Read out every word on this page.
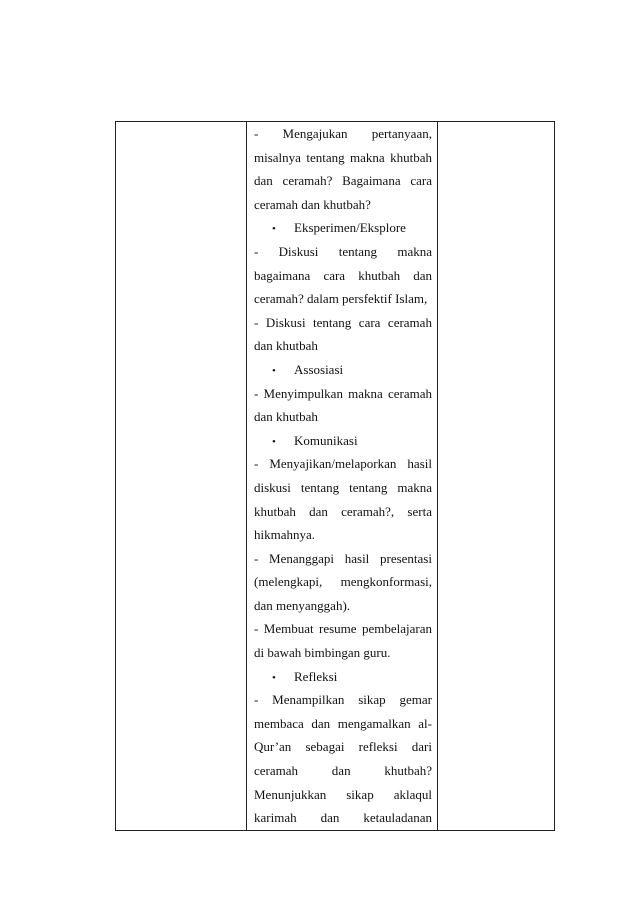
- Mengajukan pertanyaan,
misalnya tentang makna khutbah
dan ceramah? Bagaimana cara
ceramah dan khutbah?
• Eksperimen/Eksplore
- Diskusi tentang makna
bagaimana cara khutbah dan
ceramah? dalam persfektif Islam,
- Diskusi tentang cara ceramah
dan khutbah
• Assosiasi
- Menyimpulkan makna ceramah
dan khutbah
• Komunikasi
- Menyajikan/melaporkan hasil
diskusi tentang tentang makna
khutbah dan ceramah?, serta
hikmahnya.
- Menanggapi hasil presentasi
(melengkapi, mengkonformasi,
dan menyanggah).
- Membuat resume pembelajaran
di bawah bimbingan guru.
• Refleksi
- Menampilkan sikap gemar
membaca dan mengamalkan al-
Qur’an sebagai refleksi dari
ceramah	dan	khutbah?
Menunjukkan sikap aklaqul
karimah dan ketauladanan
